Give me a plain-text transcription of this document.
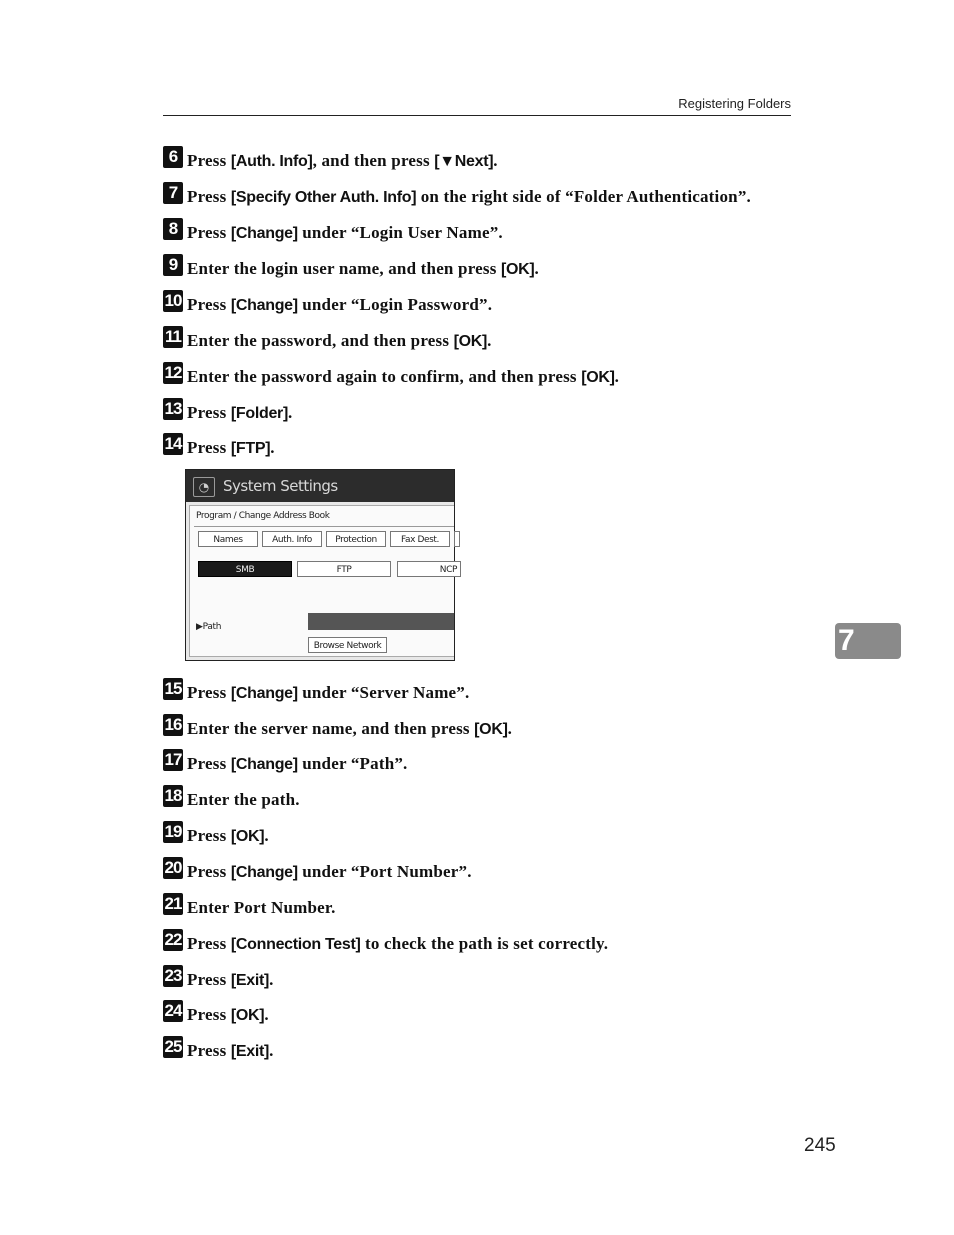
Registering Folders
6 Press [Auth. Info], and then press [▼Next].
7 Press [Specify Other Auth. Info] on the right side of “Folder Authentication”.
8 Press [Change] under “Login User Name”.
9 Enter the login user name, and then press [OK].
10 Press [Change] under “Login Password”.
11 Enter the password, and then press [OK].
12 Enter the password again to confirm, and then press [OK].
13 Press [Folder].
14 Press [FTP].
◔ System Settings
Program / Change Address Book
Names	Auth. Info	Protection	Fax Dest.
SMB	FTP	NCP
▶Path
Browse Network
15 Press [Change] under “Server Name”.
16 Enter the server name, and then press [OK].
17 Press [Change] under “Path”.
18 Enter the path.
19 Press [OK].
20 Press [Change] under “Port Number”.
21 Enter Port Number.
22 Press [Connection Test] to check the path is set correctly.
23 Press [Exit].
24 Press [OK].
25 Press [Exit].
7
245
